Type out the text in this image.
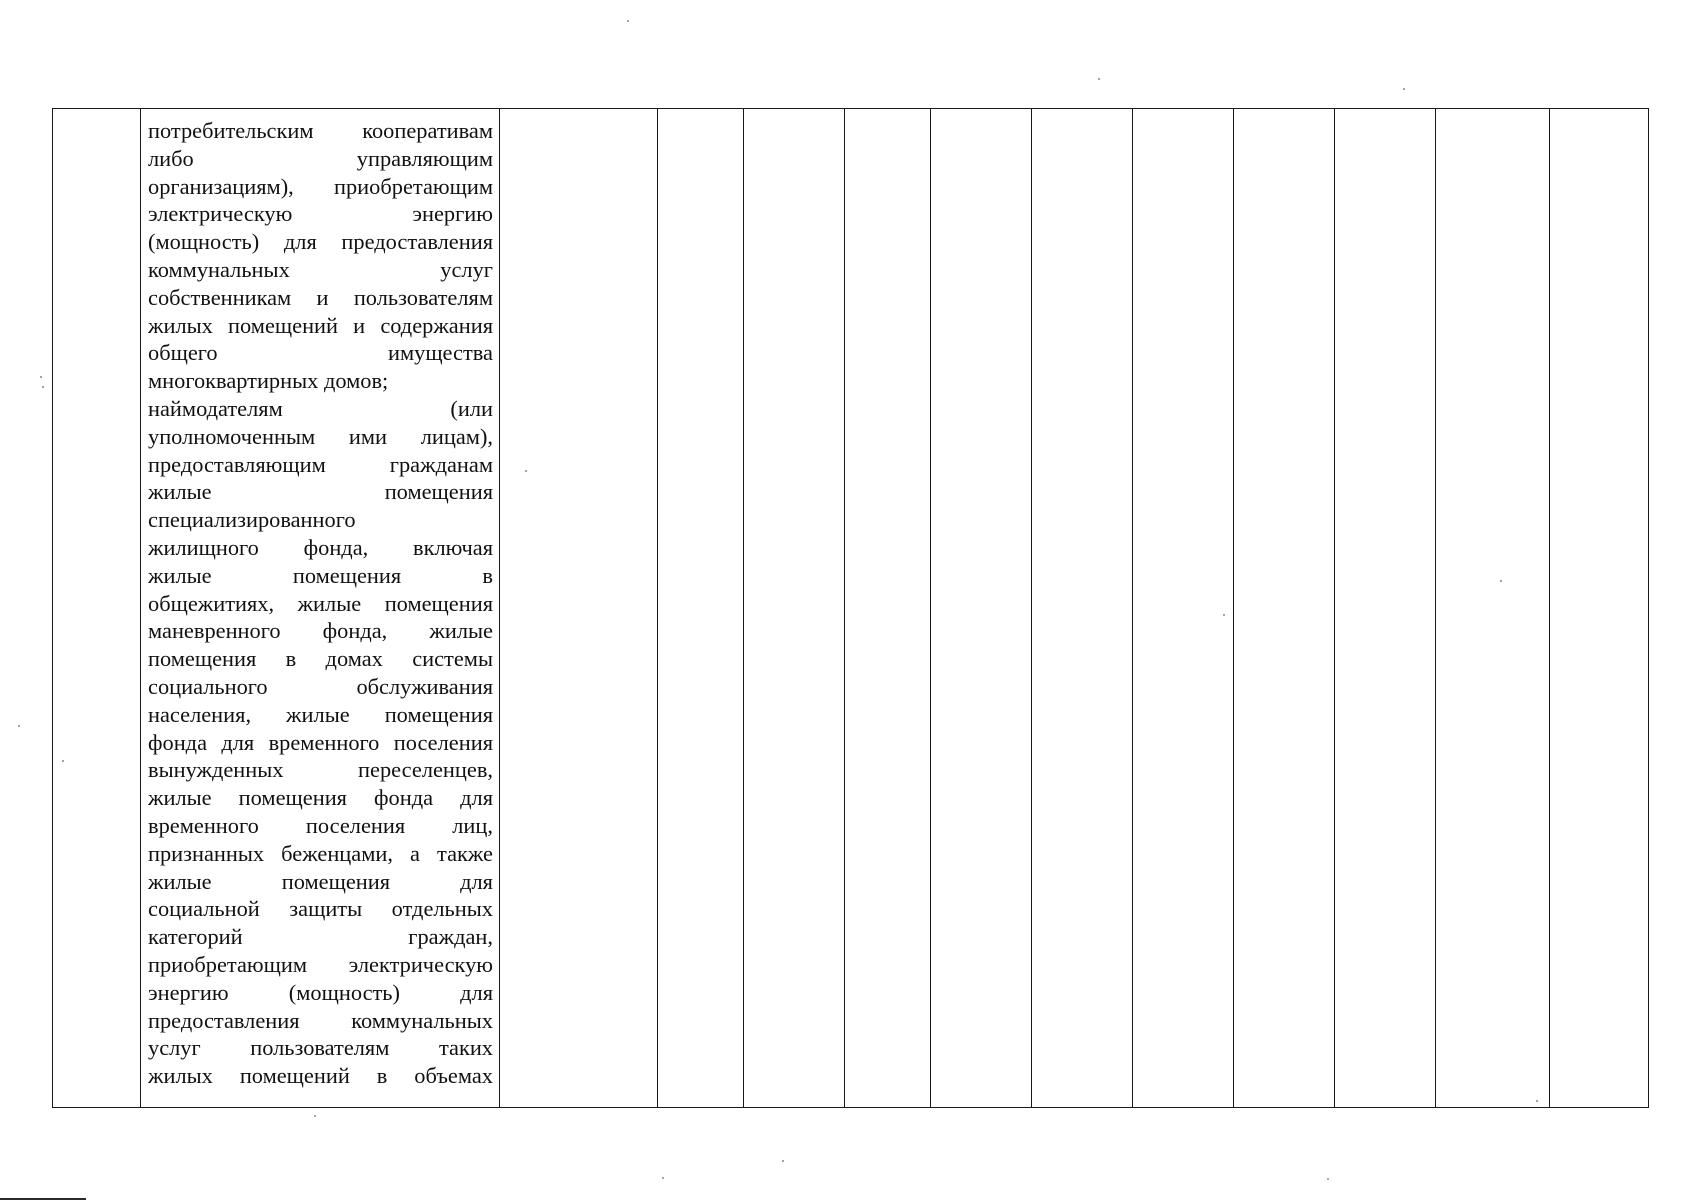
потребительским кооперативам
либо управляющим
организациям), приобретающим
электрическую энергию
(мощность) для предоставления
коммунальных услуг
собственникам и пользователям
жилых помещений и содержания
общего имущества
многоквартирных домов;
наймодателям (или
уполномоченным ими лицам),
предоставляющим гражданам
жилые помещения
специализированного
жилищного фонда, включая
жилые помещения в
общежитиях, жилые помещения
маневренного фонда, жилые
помещения в домах системы
социального обслуживания
населения, жилые помещения
фонда для временного поселения
вынужденных переселенцев,
жилые помещения фонда для
временного поселения лиц,
признанных беженцами, а также
жилые помещения для
социальной защиты отдельных
категорий граждан,
приобретающим электрическую
энергию (мощность) для
предоставления коммунальных
услуг пользователям таких
жилых помещений в объемах
